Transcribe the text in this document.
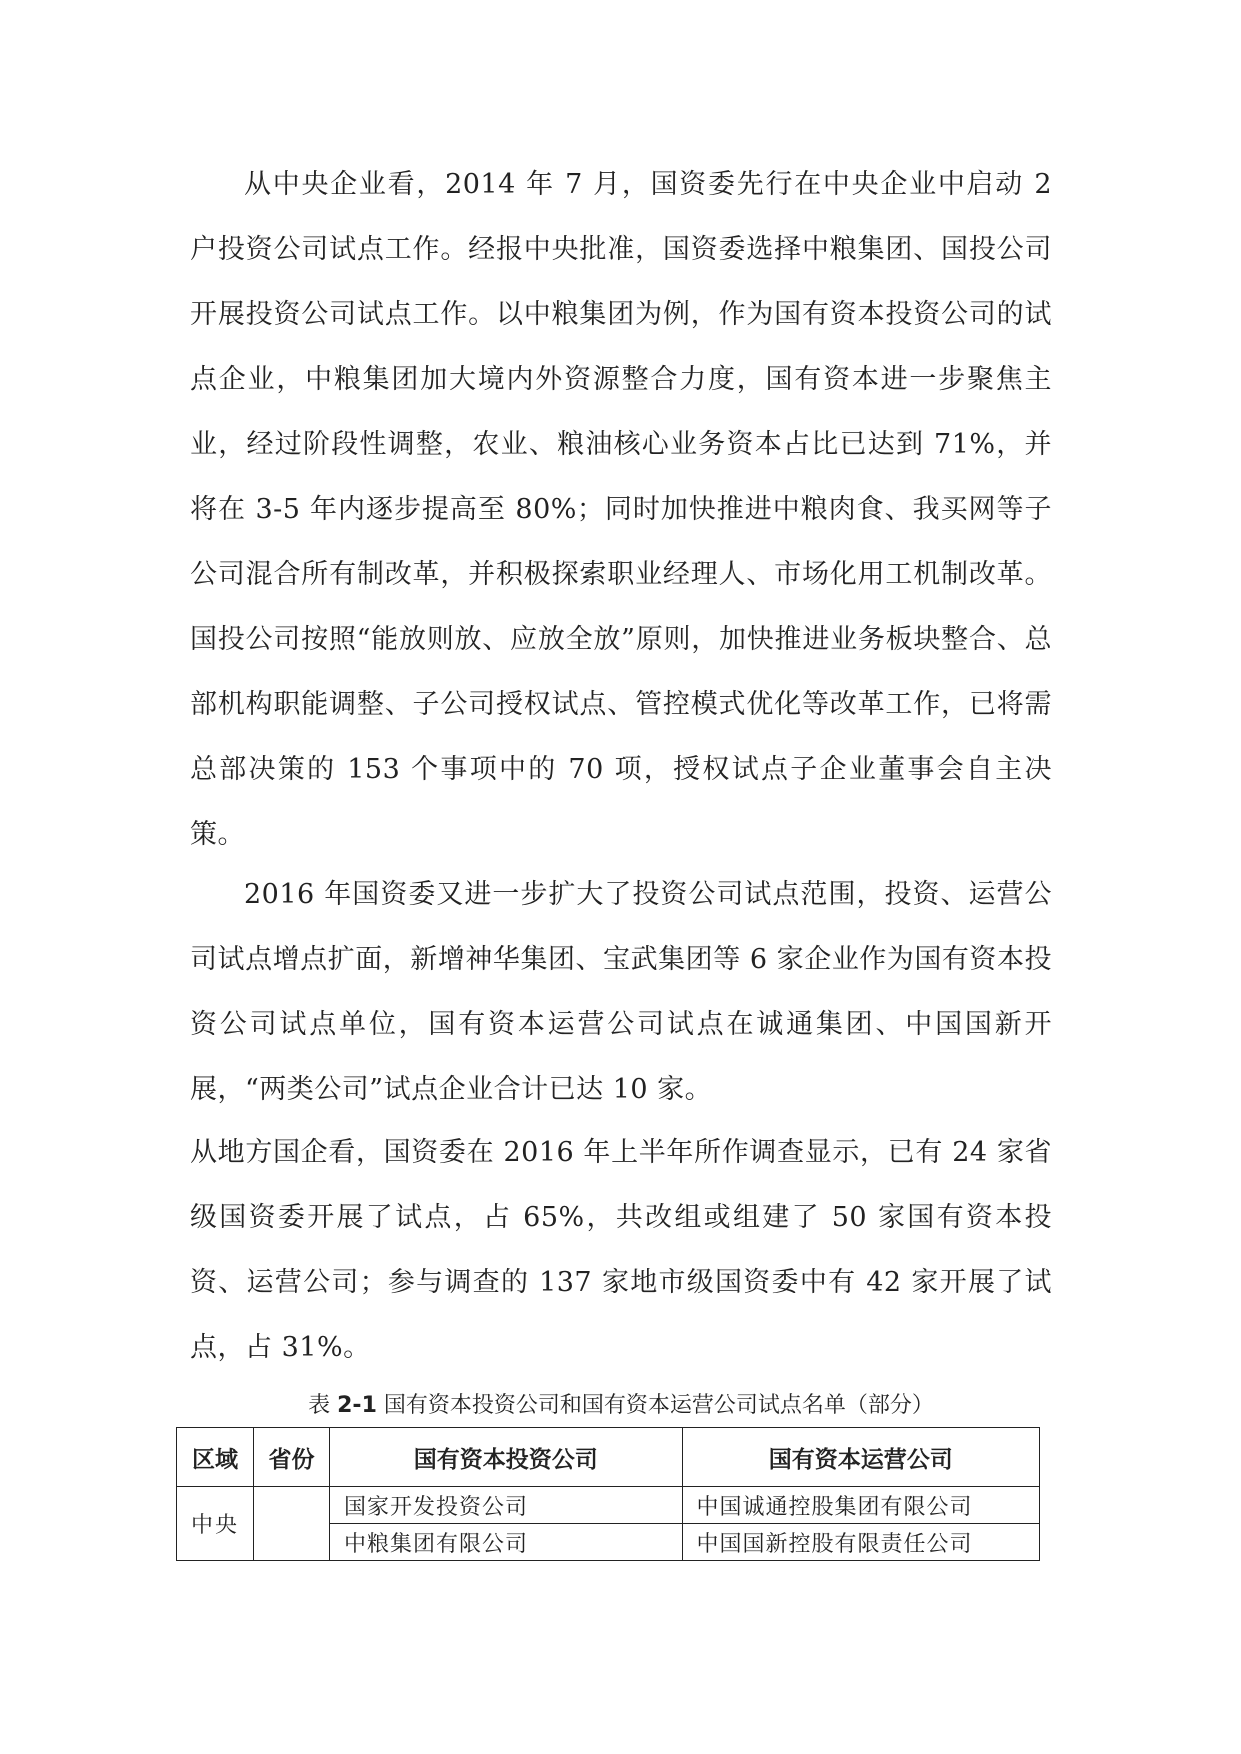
从中央企业看，2014 年 7 月，国资委先行在中央企业中启动 2 户投资公司试点工作。经报中央批准，国资委选择中粮集团、国投公司开展投资公司试点工作。以中粮集团为例，作为国有资本投资公司的试点企业，中粮集团加大境内外资源整合力度，国有资本进一步聚焦主业，经过阶段性调整，农业、粮油核心业务资本占比已达到 71%，并将在 3-5 年内逐步提高至 80%；同时加快推进中粮肉食、我买网等子公司混合所有制改革，并积极探索职业经理人、市场化用工机制改革。国投公司按照“能放则放、应放全放”原则，加快推进业务板块整合、总部机构职能调整、子公司授权试点、管控模式优化等改革工作，已将需总部决策的 153 个事项中的 70 项，授权试点子企业董事会自主决策。

2016 年国资委又进一步扩大了投资公司试点范围，投资、运营公司试点增点扩面，新增神华集团、宝武集团等 6 家企业作为国有资本投资公司试点单位，国有资本运营公司试点在诚通集团、中国国新开展，“两类公司”试点企业合计已达 10 家。

从地方国企看，国资委在 2016 年上半年所作调查显示，已有 24 家省级国资委开展了试点，占 65%，共改组或组建了 50 家国有资本投资、运营公司；参与调查的 137 家地市级国资委中有 42 家开展了试点，占 31%。

表 2-1 国有资本投资公司和国有资本运营公司试点名单（部分）
区域	省份	国有资本投资公司	国有资本运营公司
中央		国家开发投资公司	中国诚通控股集团有限公司
		中粮集团有限公司	中国国新控股有限责任公司
